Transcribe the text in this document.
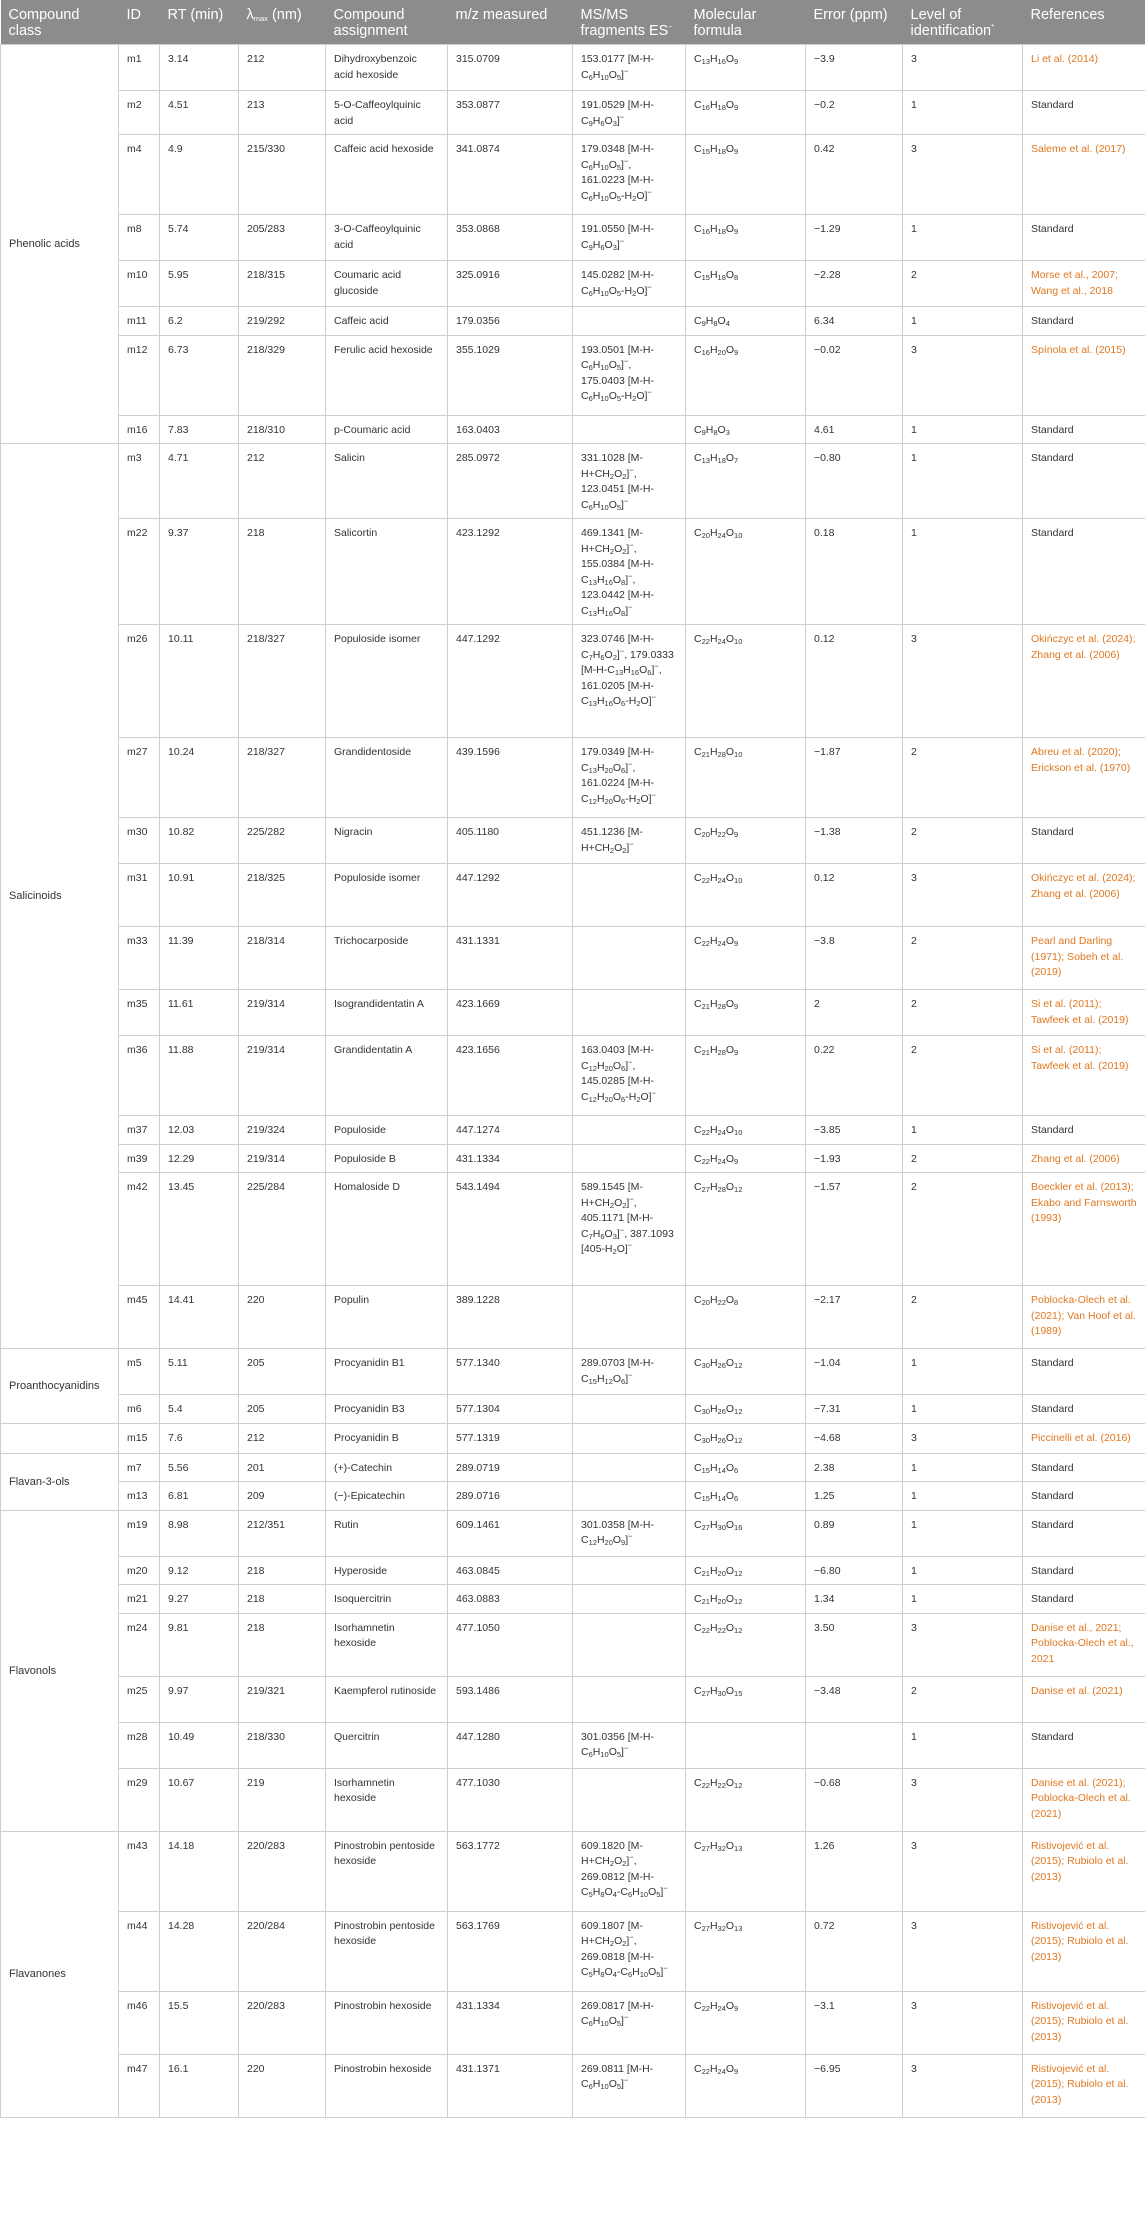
Compound class	ID	RT (min)	$\lambda_{max}$ (nm)	Compound assignment	m/z measured	MS/MS fragments ES−	Molecular formula	Error (ppm)	Level of identification*	References
Phenolic acids	m1	3.14	212	Dihydroxybenzoic acid hexoside	315.0709	153.0177 $[M-H-C_6H_{10}O_5]^-$	$C_{13}H_{16}O_9$	−3.9	3	Li et al. (2014)
	m2	4.51	213	5-O-Caffeoylquinic acid	353.0877	191.0529 $[M-H-C_9H_6O_3]^-$	$C_{16}H_{18}O_9$	−0.2	1	Standard
	m4	4.9	215/330	Caffeic acid hexoside	341.0874	179.0348 $[M-H-C_6H_{10}O_5]^-$, 161.0223 $[M-H-C_6H_{10}O_5-H_2O]^-$	$C_{15}H_{18}O_9$	0.42	3	Saleme et al. (2017)
	m8	5.74	205/283	3-O-Caffeoylquinic acid	353.0868	191.0550 $[M-H-C_9H_6O_3]^-$	$C_{16}H_{18}O_9$	−1.29	1	Standard
	m10	5.95	218/315	Coumaric acid glucoside	325.0916	145.0282 $[M-H-C_6H_{10}O_5-H_2O]^-$	$C_{15}H_{18}O_8$	−2.28	2	Morse et al., 2007; Wang et al., 2018
	m11	6.2	219/292	Caffeic acid	179.0356		$C_9H_8O_4$	6.34	1	Standard
	m12	6.73	218/329	Ferulic acid hexoside	355.1029	193.0501 $[M-H-C_6H_{10}O_5]^-$, 175.0403 $[M-H-C_6H_{10}O_5-H_2O]^-$	$C_{16}H_{20}O_9$	−0.02	3	Spínola et al. (2015)
	m16	7.83	218/310	p-Coumaric acid	163.0403		$C_9H_8O_3$	4.61	1	Standard
Salicinoids	m3	4.71	212	Salicin	285.0972	331.1028 $[M-H+CH_2O_2]^-$, 123.0451 $[M-H-C_6H_{10}O_5]^-$	$C_{13}H_{18}O_7$	−0.80	1	Standard
	m22	9.37	218	Salicortin	423.1292	469.1341 $[M-H+CH_2O_2]^-$, 155.0384 $[M-H-C_{13}H_{16}O_8]^-$, 123.0442 $[M-H-C_{13}H_{16}O_8]^-$	$C_{20}H_{24}O_{10}$	0.18	1	Standard
	m26	10.11	218/327	Populoside isomer	447.1292	323.0746 $[M-H-C_7H_6O_2]^-$, 179.0333 $[M-H-C_{13}H_{16}O_6]^-$, 161.0205 $[M-H-C_{13}H_{16}O_6-H_2O]^-$	$C_{22}H_{24}O_{10}$	0.12	3	Okińczyc et al. (2024); Zhang et al. (2006)
	m27	10.24	218/327	Grandidentoside	439.1596	179.0349 $[M-H-C_{13}H_{20}O_6]^-$, 161.0224 $[M-H-C_{12}H_{20}O_6-H_2O]^-$	$C_{21}H_{28}O_{10}$	−1.87	2	Abreu et al. (2020); Erickson et al. (1970)
	m30	10.82	225/282	Nigracin	405.1180	451.1236 $[M-H+CH_2O_2]^-$	$C_{20}H_{22}O_9$	−1.38	2	Standard
	m31	10.91	218/325	Populoside isomer	447.1292		$C_{22}H_{24}O_{10}$	0.12	3	Okińczyc et al. (2024); Zhang et al. (2006)
	m33	11.39	218/314	Trichocarposide	431.1331		$C_{22}H_{24}O_9$	−3.8	2	Pearl and Darling (1971); Sobeh et al. (2019)
	m35	11.61	219/314	Isograndidentatin A	423.1669		$C_{21}H_{28}O_9$	2	2	Si et al. (2011); Tawfeek et al. (2019)
	m36	11.88	219/314	Grandidentatin A	423.1656	163.0403 $[M-H-C_{12}H_{20}O_6]^-$, 145.0285 $[M-H-C_{12}H_{20}O_6-H_2O]^-$	$C_{21}H_{28}O_9$	0.22	2	Si et al. (2011); Tawfeek et al. (2019)
	m37	12.03	219/324	Populoside	447.1274		$C_{22}H_{24}O_{10}$	−3.85	1	Standard
	m39	12.29	219/314	Populoside B	431.1334		$C_{22}H_{24}O_9$	−1.93	2	Zhang et al. (2006)
	m42	13.45	225/284	Homaloside D	543.1494	589.1545 $[M-H+CH_2O_2]^-$, 405.1171 $[M-H-C_7H_6O_3]^-$, 387.1093 $[405-H_2O]^-$	$C_{27}H_{28}O_{12}$	−1.57	2	Boeckler et al. (2013); Ekabo and Farnsworth (1993)
	m45	14.41	220	Populin	389.1228		$C_{20}H_{22}O_8$	−2.17	2	Poblocka-Olech et al. (2021); Van Hoof et al. (1989)
Proanthocyanidins	m5	5.11	205	Procyanidin B1	577.1340	289.0703 $[M-H-C_{15}H_{12}O_6]^-$	$C_{30}H_{26}O_{12}$	−1.04	1	Standard
	m6	5.4	205	Procyanidin B3	577.1304		$C_{30}H_{26}O_{12}$	−7.31	1	Standard
	m15	7.6	212	Procyanidin B	577.1319		$C_{30}H_{26}O_{12}$	−4.68	3	Piccinelli et al. (2016)
Flavan-3-ols	m7	5.56	201	(+)-Catechin	289.0719		$C_{15}H_{14}O_6$	2.38	1	Standard
	m13	6.81	209	(−)-Epicatechin	289.0716		$C_{15}H_{14}O_6$	1.25	1	Standard
Flavonols	m19	8.98	212/351	Rutin	609.1461	301.0358 $[M-H-C_{12}H_{20}O_9]^-$	$C_{27}H_{30}O_{16}$	0.89	1	Standard
	m20	9.12	218	Hyperoside	463.0845		$C_{21}H_{20}O_{12}$	−6.80	1	Standard
	m21	9.27	218	Isoquercitrin	463.0883		$C_{21}H_{20}O_{12}$	1.34	1	Standard
	m24	9.81	218	Isorhamnetin hexoside	477.1050		$C_{22}H_{22}O_{12}$	3.50	3	Danise et al., 2021; Poblocka-Olech et al., 2021
	m25	9.97	219/321	Kaempferol rutinoside	593.1486		$C_{27}H_{30}O_{15}$	−3.48	2	Danise et al. (2021)
	m28	10.49	218/330	Quercitrin	447.1280	301.0356 $[M-H-C_6H_{10}O_5]^-$			1	Standard
	m29	10.67	219	Isorhamnetin hexoside	477.1030		$C_{22}H_{22}O_{12}$	−0.68	3	Danise et al. (2021); Poblocka-Olech et al. (2021)
Flavanones	m43	14.18	220/283	Pinostrobin pentoside hexoside	563.1772	609.1820 $[M-H+CH_2O_2]^-$, 269.0812 $[M-H-C_5H_8O_4-C_6H_{10}O_5]^-$	$C_{27}H_{32}O_{13}$	1.26	3	Ristivojević et al. (2015); Rubiolo et al. (2013)
	m44	14.28	220/284	Pinostrobin pentoside hexoside	563.1769	609.1807 $[M-H+CH_2O_2]^-$, 269.0818 $[M-H-C_5H_8O_4-C_6H_{10}O_5]^-$	$C_{27}H_{32}O_{13}$	0.72	3	Ristivojević et al. (2015); Rubiolo et al. (2013)
	m46	15.5	220/283	Pinostrobin hexoside	431.1334	269.0817 $[M-H-C_6H_{10}O_5]^-$	$C_{22}H_{24}O_9$	−3.1	3	Ristivojević et al. (2015); Rubiolo et al. (2013)
	m47	16.1	220	Pinostrobin hexoside	431.1371	269.0811 $[M-H-C_6H_{10}O_5]^-$	$C_{22}H_{24}O_9$	−6.95	3	Ristivojević et al. (2015); Rubiolo et al. (2013)
